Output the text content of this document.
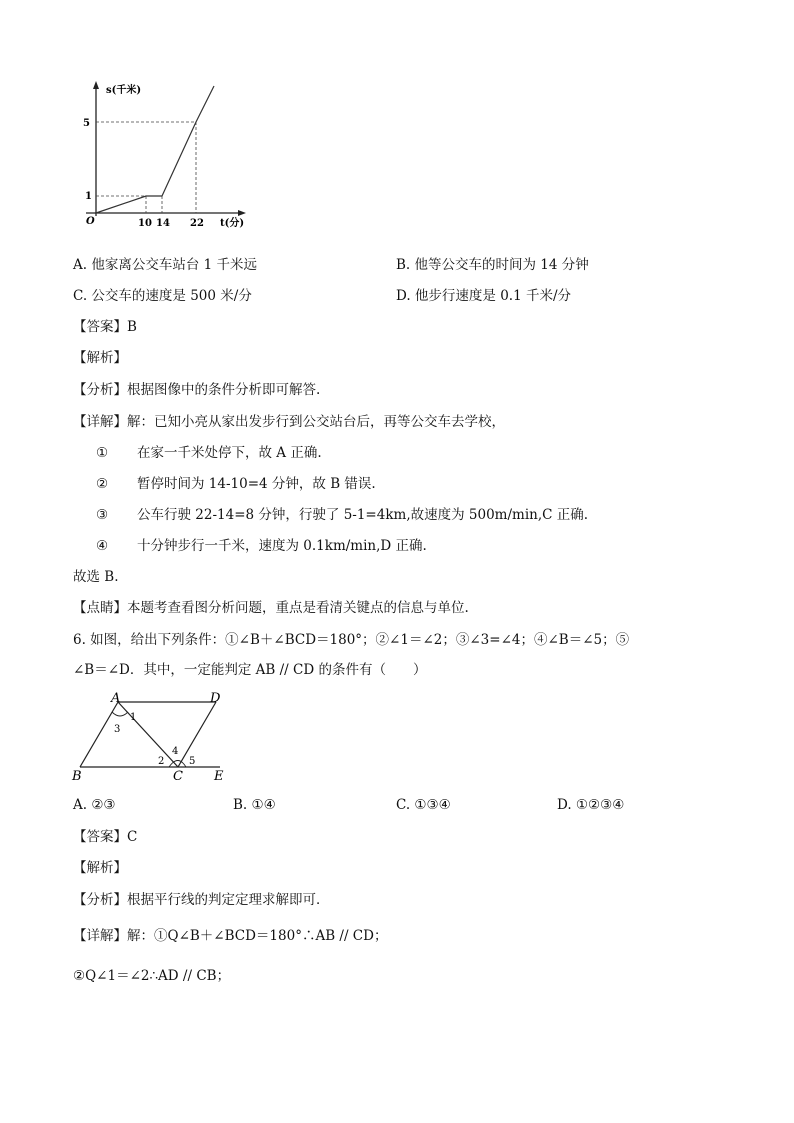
s(千米)
5
1
O	10 14 22 t(分)
A. 他家离公交车站台 1 千米远	B. 他等公交车的时间为 14 分钟
C. 公交车的速度是 500 米/分	D. 他步行速度是 0.1 千米/分
【答案】B
【解析】
【分析】根据图像中的条件分析即可解答.
【详解】解：已知小亮从家出发步行到公交站台后，再等公交车去学校，
① 在家一千米处停下，故 A 正确.
② 暂停时间为 14-10=4 分钟，故 B 错误.
③ 公车行驶 22-14=8 分钟，行驶了 5-1=4km,故速度为 500m/min,C 正确.
④ 十分钟步行一千米，速度为 0.1km/min,D 正确.
故选 B.
【点睛】本题考查看图分析问题，重点是看清关键点的信息与单位.
6. 如图，给出下列条件：①∠B＋∠BCD＝180°；②∠1＝∠2；③∠3=∠4；④∠B＝∠5；⑤
∠B＝∠D．其中，一定能判定 AB // CD 的条件有（　　）
A	D
B	C E
1
2
3
4
5
A. ②③	B. ①④	C. ①③④	D. ①②③④
【答案】C
【解析】
【分析】根据平行线的判定定理求解即可．
【详解】解：①Q∠B＋∠BCD＝180°∴AB // CD；
②Q∠1＝∠2∴AD // CB；
